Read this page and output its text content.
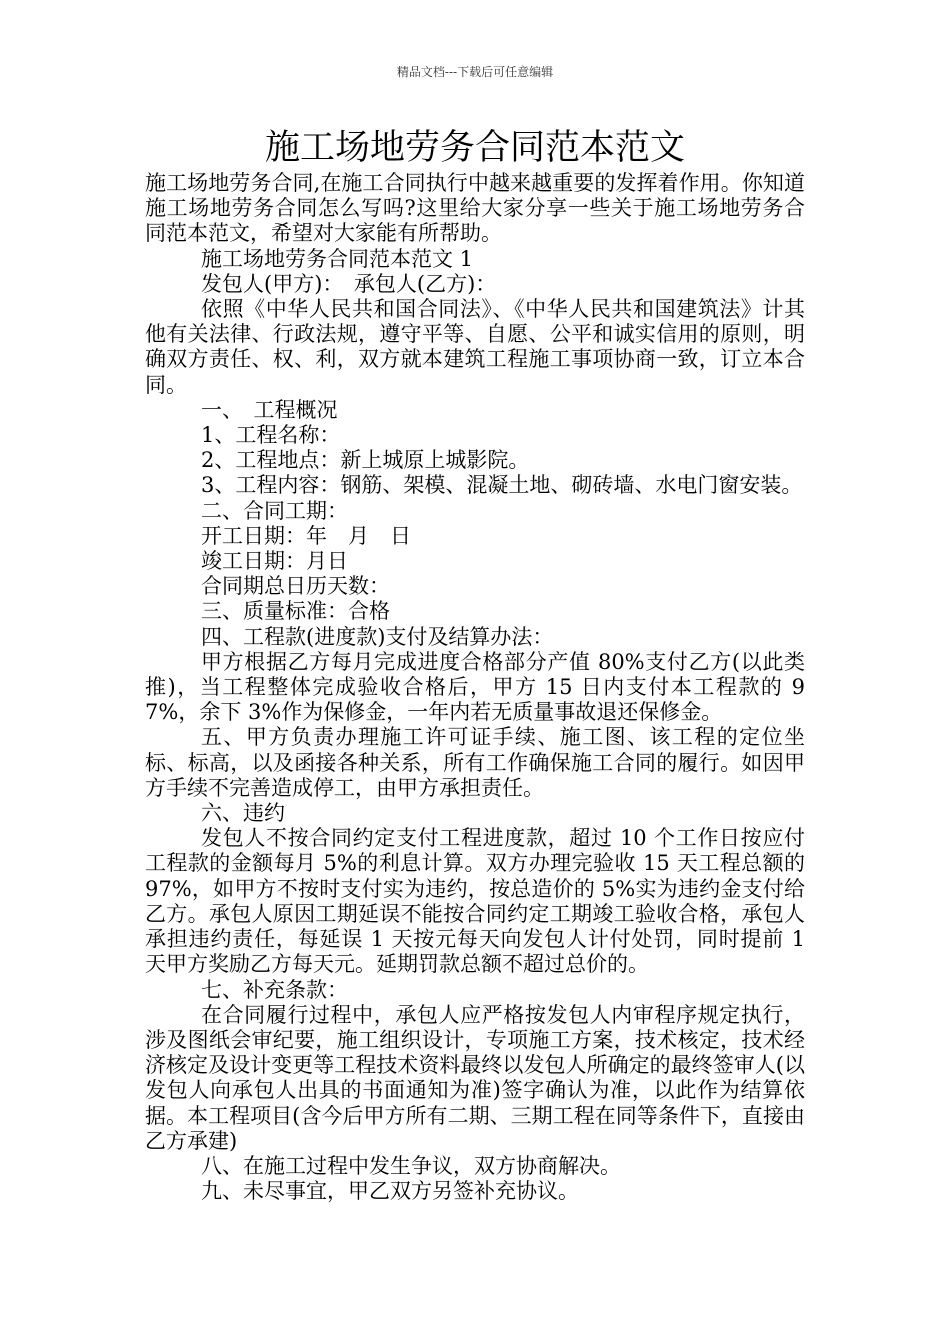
精品文档---下载后可任意编辑
施工场地劳务合同范本范文

施工场地劳务合同,在施工合同执行中越来越重要的发挥着作用。你知道施工场地劳务合同怎么写吗?这里给大家分享一些关于施工场地劳务合同范本范文，希望对大家能有所帮助。

施工场地劳务合同范本范文 1

发包人(甲方)：　承包人(乙方)：

依照《中华人民共和国合同法》、《中华人民共和国建筑法》计其他有关法律、行政法规，遵守平等、自愿、公平和诚实信用的原则，明确双方责任、权、利，双方就本建筑工程施工事项协商一致，订立本合同。

一、　工程概况

1、工程名称：

2、工程地点：新上城原上城影院。

3、工程内容：钢筋、架模、混凝土地、砌砖墙、水电门窗安装。

二、合同工期：

开工日期：年　月　日

竣工日期：月日

合同期总日历天数：

三、质量标准：合格

四、工程款(进度款)支付及结算办法：

甲方根据乙方每月完成进度合格部分产值 80%支付乙方(以此类推)，当工程整体完成验收合格后，甲方 15 日内支付本工程款的 97%，余下 3%作为保修金，一年内若无质量事故退还保修金。

五、甲方负责办理施工许可证手续、施工图、该工程的定位坐标、标高，以及函接各种关系，所有工作确保施工合同的履行。如因甲方手续不完善造成停工，由甲方承担责任。

六、违约

发包人不按合同约定支付工程进度款，超过 10 个工作日按应付工程款的金额每月 5%的利息计算。双方办理完验收 15 天工程总额的 97%，如甲方不按时支付实为违约，按总造价的 5%实为违约金支付给乙方。承包人原因工期延误不能按合同约定工期竣工验收合格，承包人承担违约责任，每延误 1 天按元每天向发包人计付处罚，同时提前 1 天甲方奖励乙方每天元。延期罚款总额不超过总价的。

七、补充条款：

在合同履行过程中，承包人应严格按发包人内审程序规定执行，涉及图纸会审纪要，施工组织设计，专项施工方案，技术核定，技术经济核定及设计变更等工程技术资料最终以发包人所确定的最终签审人(以发包人向承包人出具的书面通知为准)签字确认为准，以此作为结算依据。本工程项目(含今后甲方所有二期、三期工程在同等条件下，直接由乙方承建)

八、在施工过程中发生争议，双方协商解决。

九、未尽事宜，甲乙双方另签补充协议。
